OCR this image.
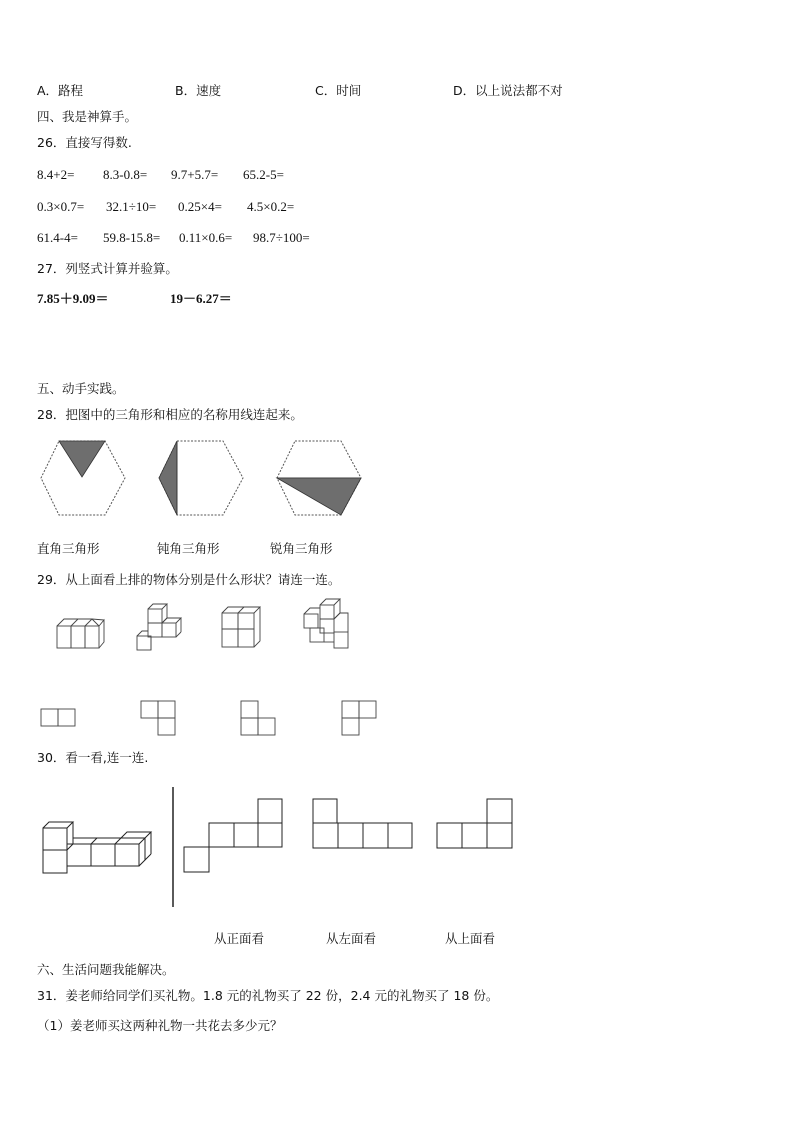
A．路程	B．速度	C．时间	D．以上说法都不对
四、我是神算手。
26．直接写得数.
8.4+2= 8.3-0.8= 9.7+5.7= 65.2-5=
0.3×0.7= 32.1÷10= 0.25×4= 4.5×0.2=
61.4-4= 59.8-15.8= 0.11×0.6= 98.7÷100=
27．列竖式计算并验算。
7.85＋9.09＝	19－6.27＝
五、动手实践。
28．把图中的三角形和相应的名称用线连起来。
直角三角形	钝角三角形	锐角三角形
29．从上面看上排的物体分别是什么形状？请连一连。
30．看一看,连一连.
从正面看	从左面看	从上面看
六、生活问题我能解决。
31．姜老师给同学们买礼物。1.8 元的礼物买了 22 份，2.4 元的礼物买了 18 份。
（1）姜老师买这两种礼物一共花去多少元？
